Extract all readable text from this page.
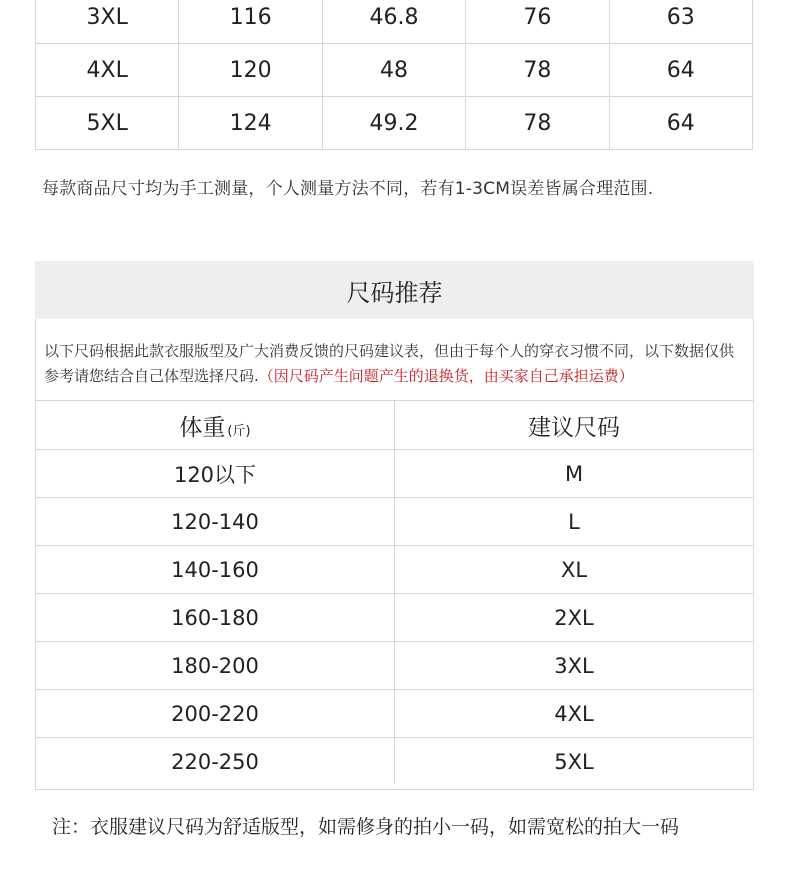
3XL	116	46.8	76	63
4XL	120	48	78	64
5XL	124	49.2	78	64
每款商品尺寸均为手工测量，个人测量方法不同，若有1-3CM误差皆属合理范围.
尺码推荐
以下尺码根据此款衣服版型及广大消费反馈的尺码建议表，但由于每个人的穿衣习惯不同，以下数据仅供参考请您结合自己体型选择尺码.（因尺码产生问题产生的退换货，由买家自己承担运费）
体重 (斤)	建议尺码
120以下	M
120-140	L
140-160	XL
160-180	2XL
180-200	3XL
200-220	4XL
220-250	5XL
注：衣服建议尺码为舒适版型，如需修身的拍小一码，如需宽松的拍大一码
